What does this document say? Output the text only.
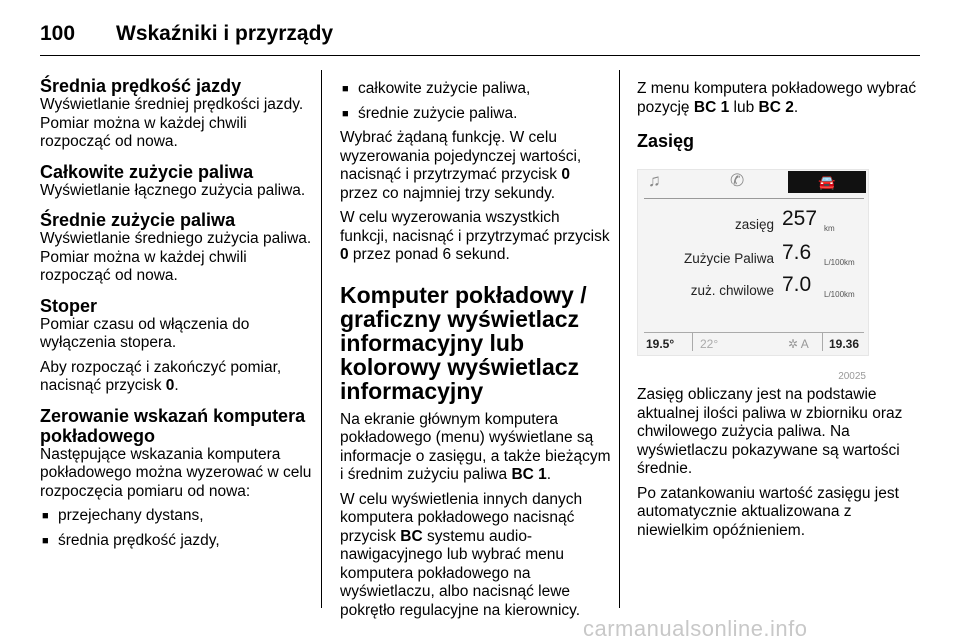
100 Wskaźniki i przyrządy
Średnia prędkość jazdy

Wyświetlanie średniej prędkości jazdy. Pomiar można w każdej chwili rozpocząć od nowa.

Całkowite zużycie paliwa

Wyświetlanie łącznego zużycia paliwa.

Średnie zużycie paliwa

Wyświetlanie średniego zużycia paliwa. Pomiar można w każdej chwili rozpocząć od nowa.

Stoper

Pomiar czasu od włączenia do wyłączenia stopera.

Aby rozpocząć i zakończyć pomiar, nacisnąć przycisk 0.

Zerowanie wskazań komputera pokładowego

Następujące wskazania komputera pokładowego można wyzerować w celu rozpoczęcia pomiaru od nowa:

■ przejechany dystans,
■ średnia prędkość jazdy,
■ całkowite zużycie paliwa,
■ średnie zużycie paliwa.

Wybrać żądaną funkcję. W celu wyzerowania pojedynczej wartości, nacisnąć i przytrzymać przycisk 0 przez co najmniej trzy sekundy.

W celu wyzerowania wszystkich funkcji, nacisnąć i przytrzymać przycisk 0 przez ponad 6 sekund.

Komputer pokładowy / graficzny wyświetlacz informacyjny lub kolorowy wyświetlacz informacyjny

Na ekranie głównym komputera pokładowego (menu) wyświetlane są informacje o zasięgu, a także bieżącym i średnim zużyciu paliwa BC 1.

W celu wyświetlenia innych danych komputera pokładowego nacisnąć przycisk BC systemu audio-nawigacyjnego lub wybrać menu komputera pokładowego na wyświetlaczu, albo nacisnąć lewe pokrętło regulacyjne na kierownicy.

Z menu komputera pokładowego wybrać pozycję BC 1 lub BC 2.

Zasięg
♫	✆	🚘
zasięg 257 km
Zużycie Paliwa 7.6 L/100km
zuż. chwilowe 7.0 L/100km
19.5° 22°	✲ A 19.36
20025

Zasięg obliczany jest na podstawie aktualnej ilości paliwa w zbiorniku oraz chwilowego zużycia paliwa. Na wyświetlaczu pokazywane są wartości średnie.

Po zatankowaniu wartość zasięgu jest automatycznie aktualizowana z niewielkim opóźnieniem.

carmanualsonline.info
